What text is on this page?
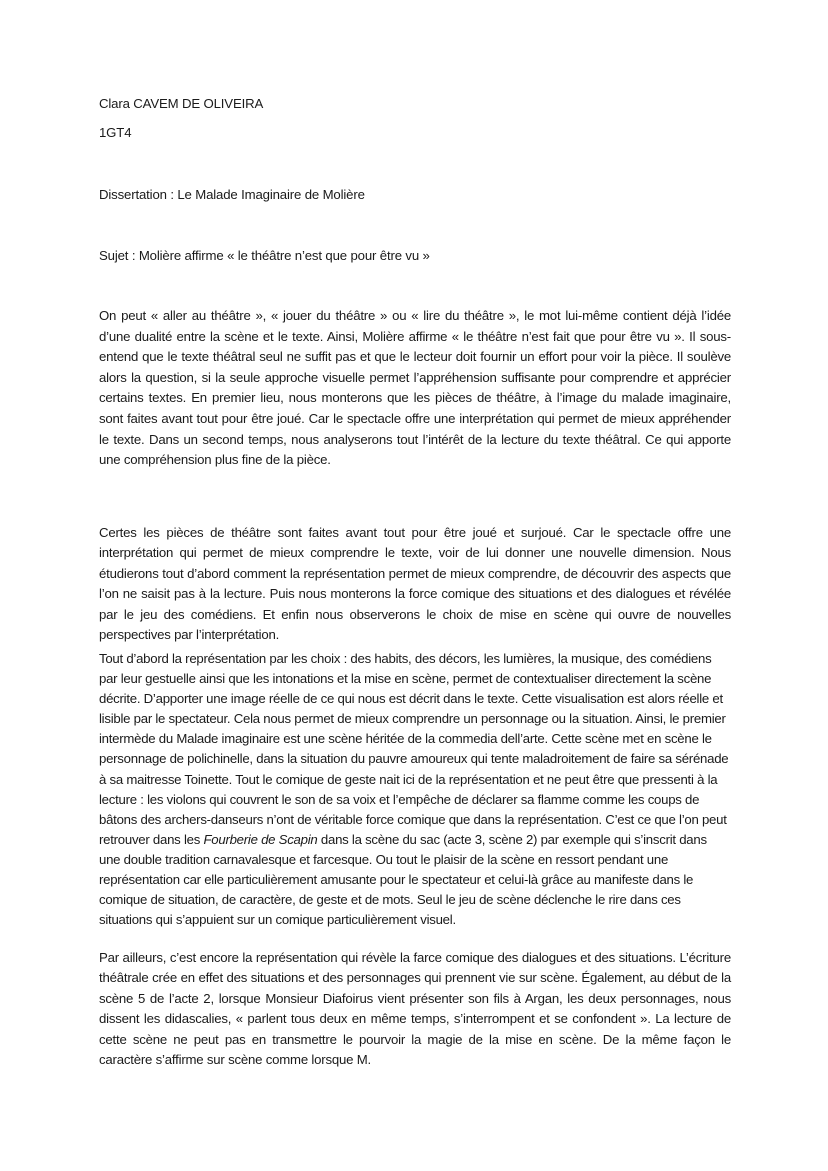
Clara CAVEM DE OLIVEIRA
1GT4
Dissertation : Le Malade Imaginaire de Molière
Sujet : Molière affirme « le théâtre n’est que pour être vu »

On peut « aller au théâtre », « jouer du théâtre » ou « lire du théâtre », le mot lui-même contient déjà l’idée d’une dualité entre la scène et le texte. Ainsi, Molière affirme « le théâtre n’est fait que pour être vu ». Il sous-entend que le texte théâtral seul ne suffit pas et que le lecteur doit fournir un effort pour voir la pièce. Il soulève alors la question, si la seule approche visuelle permet l’appréhension suffisante pour comprendre et apprécier certains textes. En premier lieu, nous monterons que les pièces de théâtre, à l’image du malade imaginaire, sont faites avant tout pour être joué. Car le spectacle offre une interprétation qui permet de mieux appréhender le texte. Dans un second temps, nous analyserons tout l’intérêt de la lecture du texte théâtral. Ce qui apporte une compréhension plus fine de la pièce.

Certes les pièces de théâtre sont faites avant tout pour être joué et surjoué. Car le spectacle offre une interprétation qui permet de mieux comprendre le texte, voir de lui donner une nouvelle dimension. Nous étudierons tout d’abord comment la représentation permet de mieux comprendre, de découvrir des aspects que l’on ne saisit pas à la lecture. Puis nous monterons la force comique des situations et des dialogues et révélée par le jeu des comédiens. Et enfin nous observerons le choix de mise en scène qui ouvre de nouvelles perspectives par l’interprétation.

Tout d’abord la représentation par les choix : des habits, des décors, les lumières, la musique, des comédiens par leur gestuelle ainsi que les intonations et la mise en scène, permet de contextualiser directement la scène décrite. D’apporter une image réelle de ce qui nous est décrit dans le texte. Cette visualisation est alors réelle et lisible par le spectateur. Cela nous permet de mieux comprendre un personnage ou la situation. Ainsi, le premier intermède du Malade imaginaire est une scène héritée de la commedia dell’arte. Cette scène met en scène le personnage de polichinelle, dans la situation du pauvre amoureux qui tente maladroitement de faire sa sérénade à sa maitresse Toinette. Tout le comique de geste nait ici de la représentation et ne peut être que pressenti à la lecture : les violons qui couvrent le son de sa voix et l’empêche de déclarer sa flamme comme les coups de bâtons des archers-danseurs n’ont de véritable force comique que dans la représentation. C’est ce que l’on peut retrouver dans les Fourberie de Scapin dans la scène du sac (acte 3, scène 2) par exemple qui s’inscrit dans une double tradition carnavalesque et farcesque. Ou tout le plaisir de la scène en ressort pendant une représentation car elle particulièrement amusante pour le spectateur et celui-là grâce au manifeste dans le comique de situation, de caractère, de geste et de mots. Seul le jeu de scène déclenche le rire dans ces situations qui s’appuient sur un comique particulièrement visuel.

Par ailleurs, c’est encore la représentation qui révèle la farce comique des dialogues et des situations. L’écriture théâtrale crée en effet des situations et des personnages qui prennent vie sur scène. Également, au début de la scène 5 de l’acte 2, lorsque Monsieur Diafoirus vient présenter son fils à Argan, les deux personnages, nous dissent les didascalies, « parlent tous deux en même temps, s’interrompent et se confondent ». La lecture de cette scène ne peut pas en transmettre le pourvoir la magie de la mise en scène. De la même façon le caractère s’affirme sur scène comme lorsque M.
